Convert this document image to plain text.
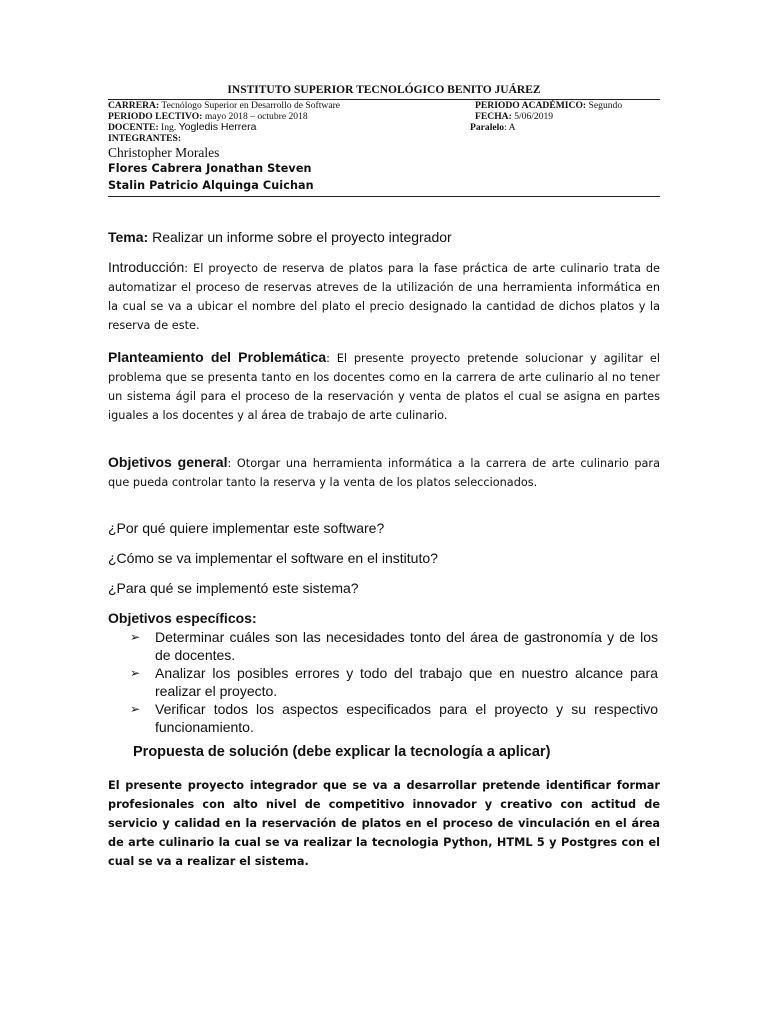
INSTITUTO SUPERIOR TECNOLÓGICO BENITO JUÁREZ
CARRERA: Tecnólogo Superior en Desarrollo de Software	PERIODO ACADÉMICO: Segundo
PERIODO LECTIVO: mayo 2018 – octubre 2018	FECHA: 5/06/2019
DOCENTE: Ing. Yogledis Herrera	Paralelo: A
INTEGRANTES:
Christopher Morales
Flores Cabrera Jonathan Steven
Stalin Patricio Alquinga Cuichan
Tema: Realizar un informe sobre el proyecto integrador
Introducción: El proyecto de reserva de platos para la fase práctica de arte culinario trata de automatizar el proceso de reservas atreves de la utilización de una herramienta informática en la cual se va a ubicar el nombre del plato el precio designado la cantidad de dichos platos y la reserva de este.
Planteamiento del Problemática: El presente proyecto pretende solucionar y agilitar el problema que se presenta tanto en los docentes como en la carrera de arte culinario al no tener un sistema ágil para el proceso de la reservación y venta de platos el cual se asigna en partes iguales a los docentes y al área de trabajo de arte culinario.
Objetivos general: Otorgar una herramienta informática a la carrera de arte culinario para que pueda controlar tanto la reserva y la venta de los platos seleccionados.
¿Por qué quiere implementar este software?
¿Cómo se va implementar el software en el instituto?
¿Para qué se implementó este sistema?
Objetivos específicos:
➢ Determinar cuáles son las necesidades tonto del área de gastronomía y de los de docentes.
➢ Analizar los posibles errores y todo del trabajo que en nuestro alcance para realizar el proyecto.
➢ Verificar todos los aspectos especificados para el proyecto y su respectivo funcionamiento.
Propuesta de solución (debe explicar la tecnología a aplicar)
El presente proyecto integrador que se va a desarrollar pretende identificar formar profesionales con alto nivel de competitivo innovador y creativo con actitud de servicio y calidad en la reservación de platos en el proceso de vinculación en el área de arte culinario la cual se va realizar la tecnologia Python, HTML 5 y Postgres con el cual se va a realizar el sistema.
